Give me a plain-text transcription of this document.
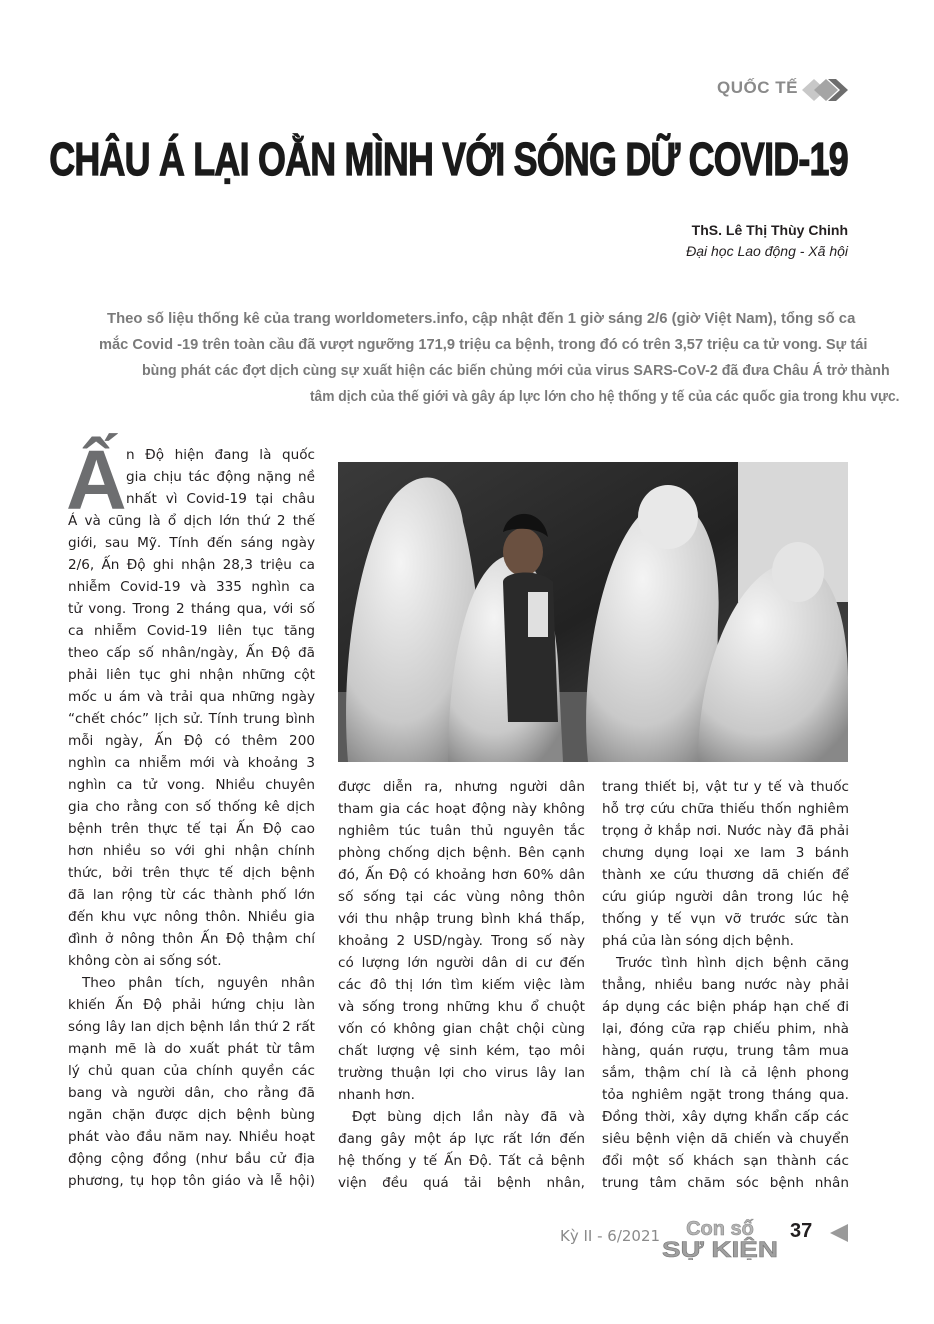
QUỐC TẾ
CHÂU Á LẠI OẰN MÌNH VỚI SÓNG DỮ COVID-19
ThS. Lê Thị Thùy Chinh
Đại học Lao động - Xã hội
Theo số liệu thống kê của trang worldometers.info, cập nhật đến 1 giờ sáng 2/6 (giờ Việt Nam), tổng số ca
mắc Covid -19 trên toàn cầu đã vượt ngưỡng 171,9 triệu ca bệnh, trong đó có trên 3,57 triệu ca tử vong. Sự tái
bùng phát các đợt dịch cùng sự xuất hiện các biến chủng mới của virus SARS-CoV-2 đã đưa Châu Á trở thành
tâm dịch của thế giới và gây áp lực lớn cho hệ thống y tế của các quốc gia trong khu vực.
Ấ n Độ hiện đang là quốc
gia chịu tác động nặng nề
nhất vì Covid-19 tại châu
Á và cũng là ổ dịch lớn thứ 2 thế
giới, sau Mỹ. Tính đến sáng ngày
2/6, Ấn Độ ghi nhận 28,3 triệu ca
nhiễm Covid-19 và 335 nghìn ca
tử vong. Trong 2 tháng qua, với số
ca nhiễm Covid-19 liên tục tăng
theo cấp số nhân/ngày, Ấn Độ đã
phải liên tục ghi nhận những cột
mốc u ám và trải qua những ngày
“chết chóc” lịch sử. Tính trung bình
mỗi ngày, Ấn Độ có thêm 200
nghìn ca nhiễm mới và khoảng 3
nghìn ca tử vong. Nhiều chuyên
gia cho rằng con số thống kê dịch
bệnh trên thực tế tại Ấn Độ cao
hơn nhiều so với ghi nhận chính
thức, bởi trên thực tế dịch bệnh
đã lan rộng từ các thành phố lớn
đến khu vực nông thôn. Nhiều gia
đình ở nông thôn Ấn Độ thậm chí
không còn ai sống sót.
Theo phân tích, nguyên nhân
khiến Ấn Độ phải hứng chịu làn
sóng lây lan dịch bệnh lần thứ 2 rất
mạnh mẽ là do xuất phát từ tâm
lý chủ quan của chính quyền các
bang và người dân, cho rằng đã
ngăn chặn được dịch bệnh bùng
phát vào đầu năm nay. Nhiều hoạt
động cộng đồng (như bầu cử địa
phương, tụ họp tôn giáo và lễ hội)
được diễn ra, nhưng người dân
tham gia các hoạt động này không
nghiêm túc tuân thủ nguyên tắc
phòng chống dịch bệnh. Bên cạnh
đó, Ấn Độ có khoảng hơn 60% dân
số sống tại các vùng nông thôn
với thu nhập trung bình khá thấp,
khoảng 2 USD/ngày. Trong số này
có lượng lớn người dân di cư đến
các đô thị lớn tìm kiếm việc làm
và sống trong những khu ổ chuột
vốn có không gian chật chội cùng
chất lượng vệ sinh kém, tạo môi
trường thuận lợi cho virus lây lan
nhanh hơn.
Đợt bùng dịch lần này đã và
đang gây một áp lực rất lớn đến
hệ thống y tế Ấn Độ. Tất cả bệnh
viện đều quá tải bệnh nhân,
trang thiết bị, vật tư y tế và thuốc
hỗ trợ cứu chữa thiếu thốn nghiêm
trọng ở khắp nơi. Nước này đã phải
chưng dụng loại xe lam 3 bánh
thành xe cứu thương dã chiến để
cứu giúp người dân trong lúc hệ
thống y tế vụn vỡ trước sức tàn
phá của làn sóng dịch bệnh.
Trước tình hình dịch bệnh căng
thẳng, nhiều bang nước này phải
áp dụng các biện pháp hạn chế đi
lại, đóng cửa rạp chiếu phim, nhà
hàng, quán rượu, trung tâm mua
sắm, thậm chí là cả lệnh phong
tỏa nghiêm ngặt trong tháng qua.
Đồng thời, xây dựng khẩn cấp các
siêu bệnh viện dã chiến và chuyển
đổi một số khách sạn thành các
trung tâm chăm sóc bệnh nhân
Kỳ II - 6/2021 Con số
SỰ KIỆN
37
